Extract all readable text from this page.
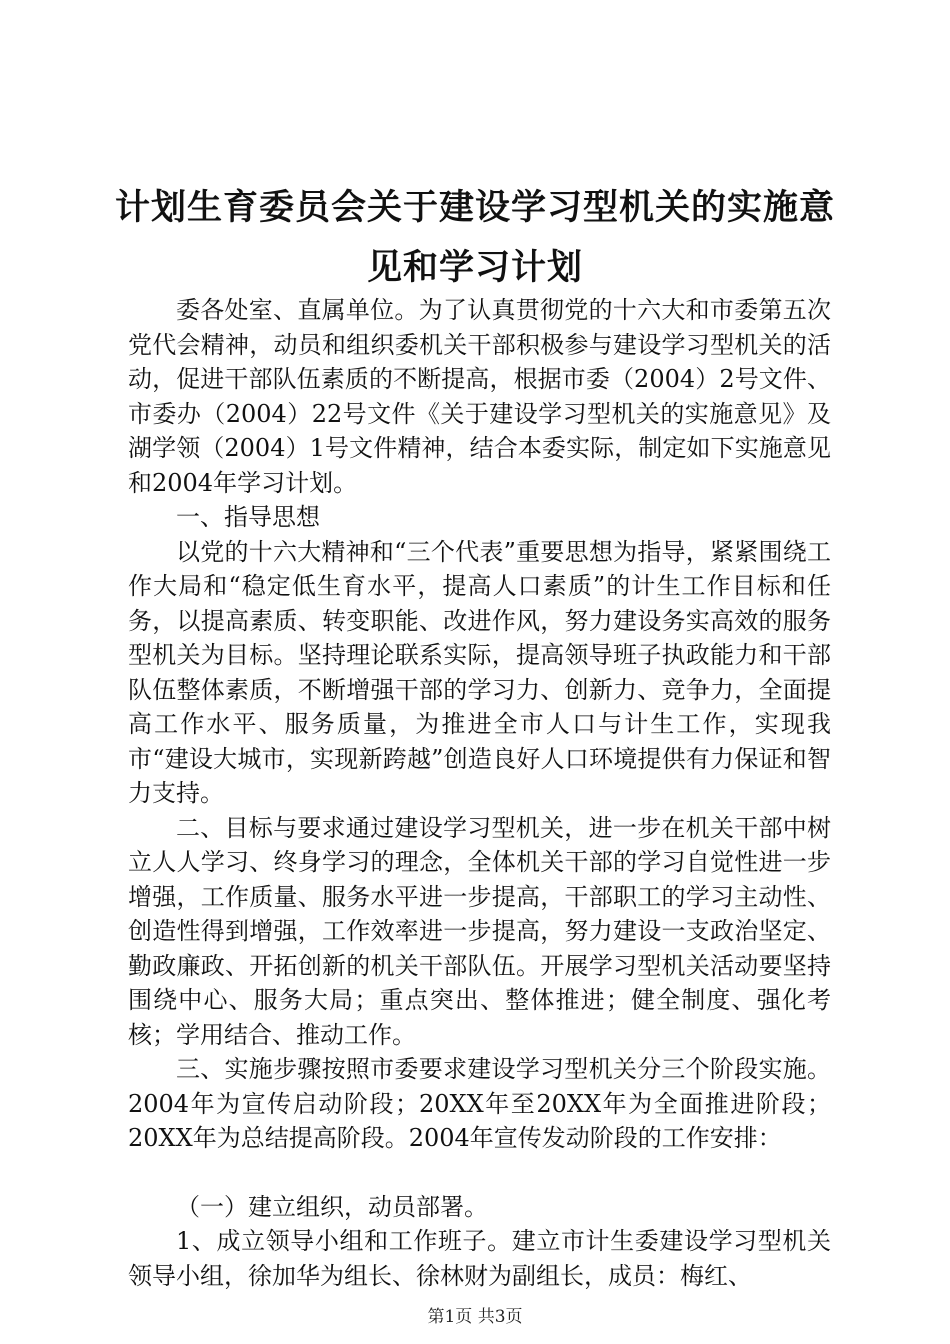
计划生育委员会关于建设学习型机关的实施意
见和学习计划

委各处室、直属单位。为了认真贯彻党的十六大和市委第五次党代会精神，动员和组织委机关干部积极参与建设学习型机关的活动，促进干部队伍素质的不断提高，根据市委（2004）2号文件、市委办（2004）22号文件《关于建设学习型机关的实施意见》及湖学领（2004）1号文件精神，结合本委实际，制定如下实施意见和2004年学习计划。

一、指导思想

以党的十六大精神和“三个代表”重要思想为指导，紧紧围绕工作大局和“稳定低生育水平，提高人口素质”的计生工作目标和任务，以提高素质、转变职能、改进作风，努力建设务实高效的服务型机关为目标。坚持理论联系实际，提高领导班子执政能力和干部队伍整体素质，不断增强干部的学习力、创新力、竞争力，全面提高工作水平、服务质量，为推进全市人口与计生工作，实现我市“建设大城市，实现新跨越”创造良好人口环境提供有力保证和智力支持。

二、目标与要求通过建设学习型机关，进一步在机关干部中树立人人学习、终身学习的理念，全体机关干部的学习自觉性进一步增强，工作质量、服务水平进一步提高，干部职工的学习主动性、创造性得到增强，工作效率进一步提高，努力建设一支政治坚定、勤政廉政、开拓创新的机关干部队伍。开展学习型机关活动要坚持围绕中心、服务大局；重点突出、整体推进；健全制度、强化考核；学用结合、推动工作。

三、实施步骤按照市委要求建设学习型机关分三个阶段实施。2004年为宣传启动阶段；20XX年至20XX年为全面推进阶段；20XX年为总结提高阶段。2004年宣传发动阶段的工作安排：

（一）建立组织，动员部署。

1、成立领导小组和工作班子。建立市计生委建设学习型机关领导小组，徐加华为组长、徐林财为副组长，成员：梅红、

第1页 共3页
